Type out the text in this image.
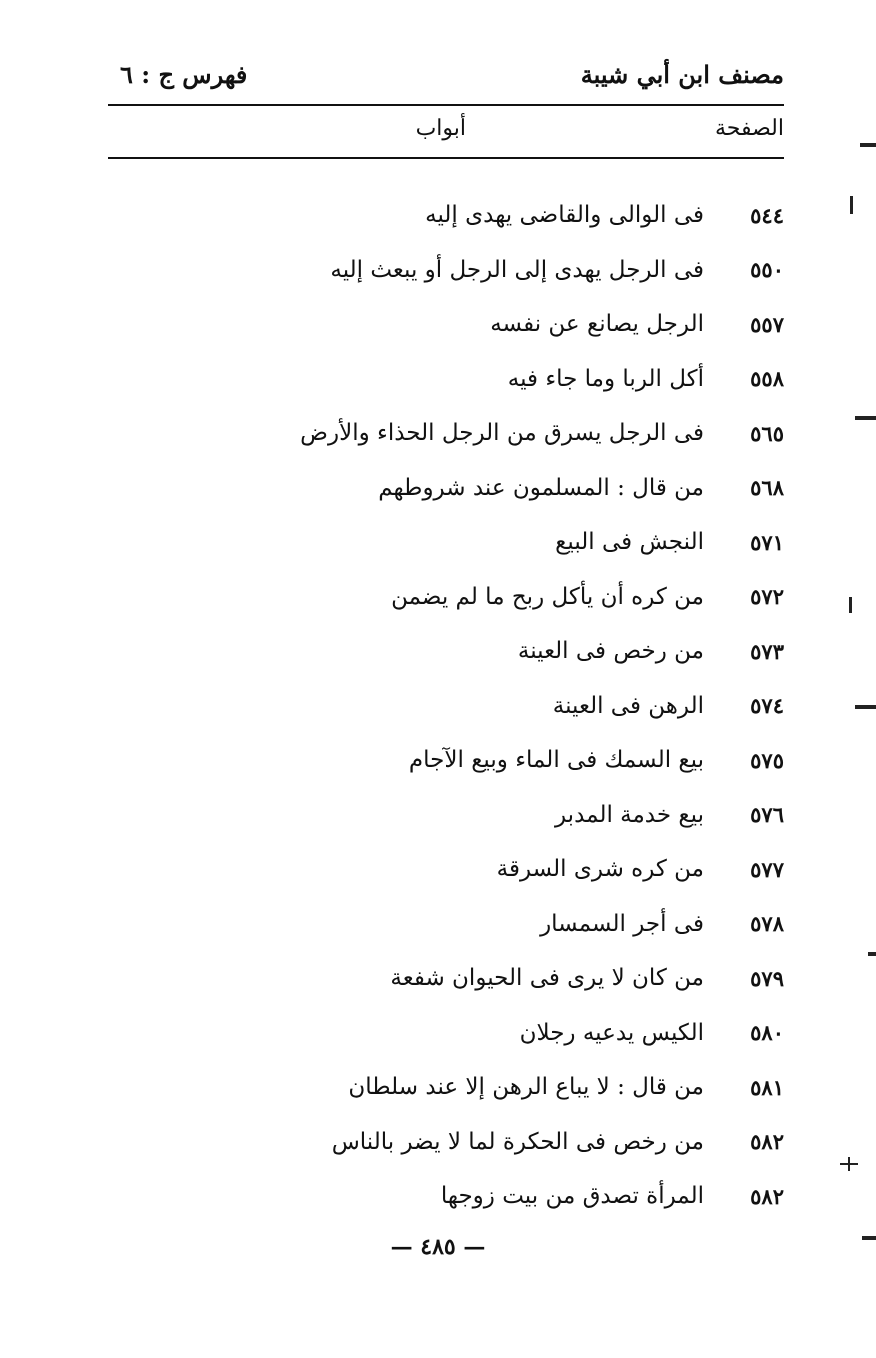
مصنف ابن أبي شيبة
فهرس ج : ٦
الصفحة
أبواب
٥٤٤
فى الوالى والقاضى يهدى إليه
٥٥٠
فى الرجل يهدى إلى الرجل أو يبعث إليه
٥٥٧
الرجل يصانع عن نفسه
٥٥٨
أكل الربا وما جاء فيه
٥٦٥
فى الرجل يسرق من الرجل الحذاء والأرض
٥٦٨
من قال : المسلمون عند شروطهم
٥٧١
النجش فى البيع
٥٧٢
من كره أن يأكل ربح ما لم يضمن
٥٧٣
من رخص فى العينة
٥٧٤
الرهن فى العينة
٥٧٥
بيع السمك فى الماء وبيع الآجام
٥٧٦
بيع خدمة المدبر
٥٧٧
من كره شرى السرقة
٥٧٨
فى أجر السمسار
٥٧٩
من كان لا يرى فى الحيوان شفعة
٥٨٠
الكيس يدعيه رجلان
٥٨١
من قال : لا يباع الرهن إلا عند سلطان
٥٨٢
من رخص فى الحكرة لما لا يضر بالناس
٥٨٢
المرأة تصدق من بيت زوجها
— ٤٨٥ —
